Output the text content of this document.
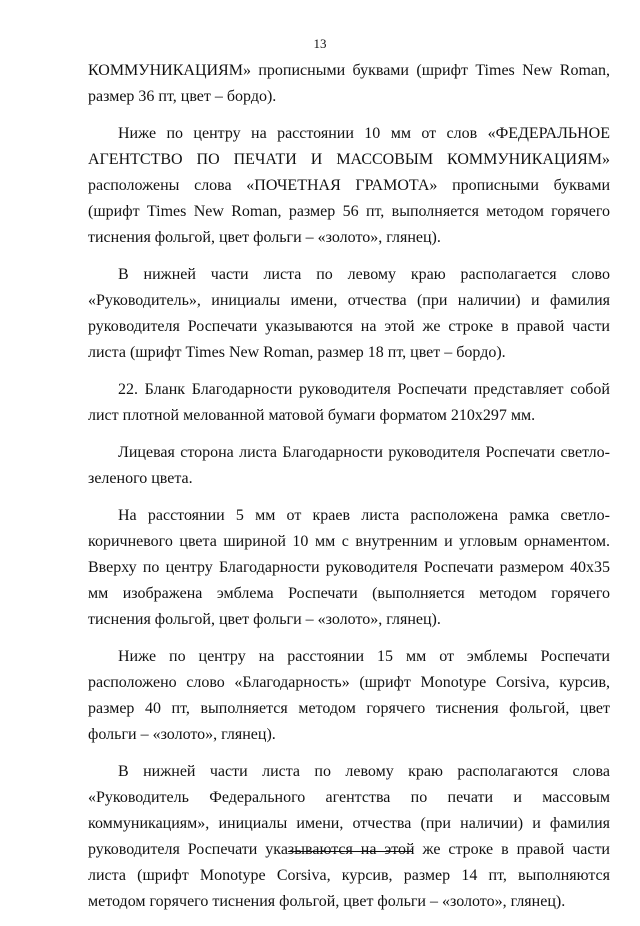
13

КОММУНИКАЦИЯМ» прописными буквами (шрифт Times New Roman, размер 36 пт, цвет – бордо).

Ниже по центру на расстоянии 10 мм от слов «ФЕДЕРАЛЬНОЕ АГЕНТСТВО ПО ПЕЧАТИ И МАССОВЫМ КОММУНИКАЦИЯМ» расположены слова «ПОЧЕТНАЯ ГРАМОТА» прописными буквами (шрифт Times New Roman, размер 56 пт, выполняется методом горячего тиснения фольгой, цвет фольги – «золото», глянец).

В нижней части листа по левому краю располагается слово «Руководитель», инициалы имени, отчества (при наличии) и фамилия руководителя Роспечати указываются на этой же строке в правой части листа (шрифт Times New Roman, размер 18 пт, цвет – бордо).

22. Бланк Благодарности руководителя Роспечати представляет собой лист плотной мелованной матовой бумаги форматом 210х297 мм.

Лицевая сторона листа Благодарности руководителя Роспечати светло-зеленого цвета.

На расстоянии 5 мм от краев листа расположена рамка светло-коричневого цвета шириной 10 мм с внутренним и угловым орнаментом. Вверху по центру Благодарности руководителя Роспечати размером 40х35 мм изображена эмблема Роспечати (выполняется методом горячего тиснения фольгой, цвет фольги – «золото», глянец).

Ниже по центру на расстоянии 15 мм от эмблемы Роспечати расположено слово «Благодарность» (шрифт Monotype Corsiva, курсив, размер 40 пт, выполняется методом горячего тиснения фольгой, цвет фольги – «золото», глянец).

В нижней части листа по левому краю располагаются слова «Руководитель Федерального агентства по печати и массовым коммуникациям», инициалы имени, отчества (при наличии) и фамилия руководителя Роспечати указываются на этой же строке в правой части листа (шрифт Monotype Corsiva, курсив, размер 14 пт, выполняются методом горячего тиснения фольгой, цвет фольги – «золото», глянец).
